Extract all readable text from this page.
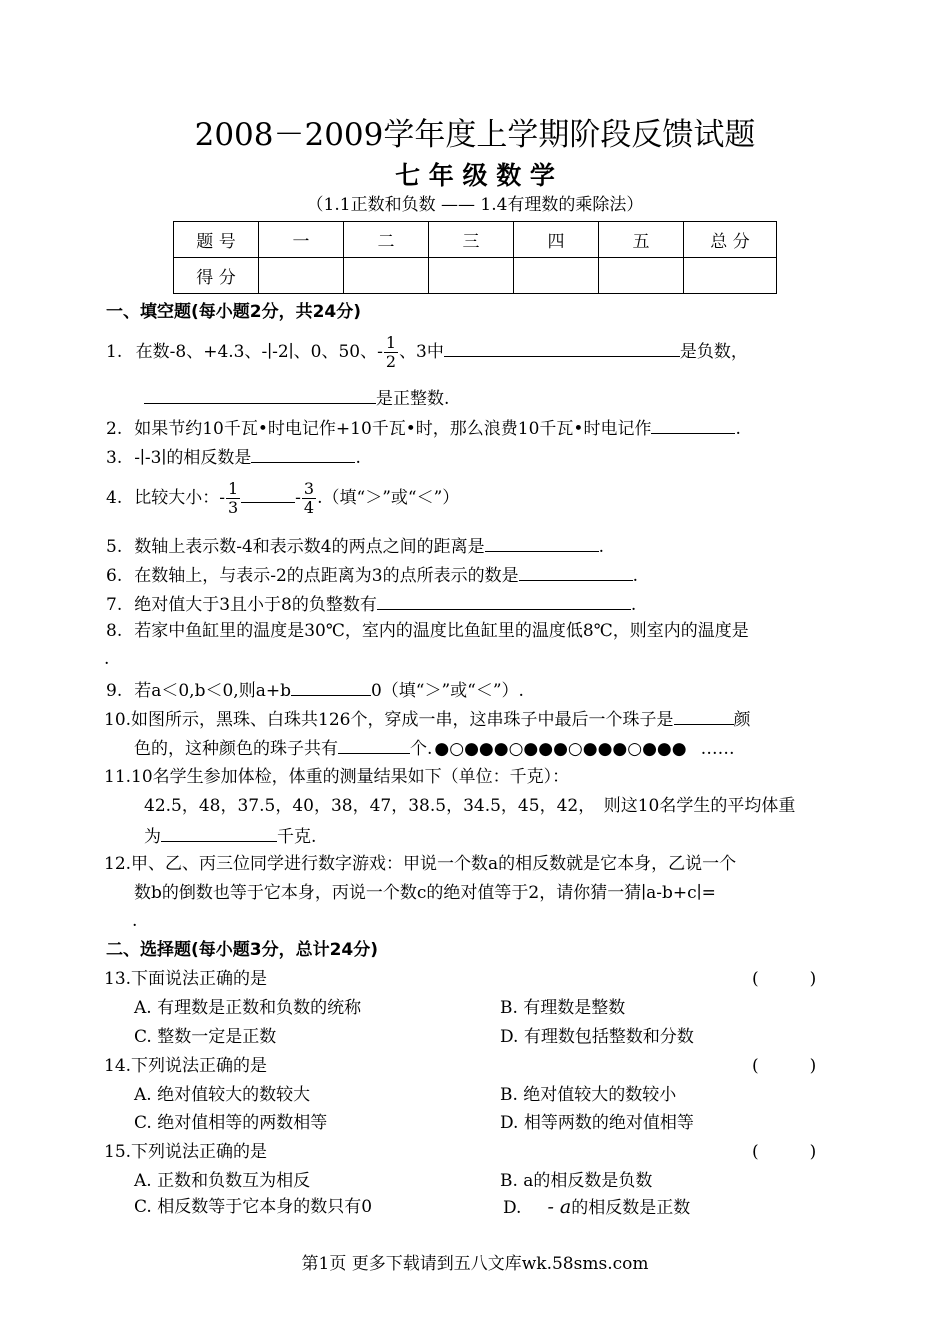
2008－2009学年度上学期阶段反馈试题
七 年 级 数 学
（1.1正数和负数 —— 1.4有理数的乘除法）
题 号	一	二	三	四	五	总 分
得 分						
一、填空题(每小题2分，共24分)
1. 在数-8、+4.3、-∣-2∣、0、50、- $\frac{1}{2}$ 、3中	是负数，
是正整数.
2. 如果节约10千瓦•时电记作+10千瓦•时，那么浪费10千瓦•时电记作	.
3. -∣-3∣的相反数是	.
4. 比较大小：- $\frac{1}{3}$	- $\frac{3}{4}$ .（填“＞”或“＜”）
5. 数轴上表示数-4和表示数4的两点之间的距离是	.
6. 在数轴上，与表示-2的点距离为3的点所表示的数是	.
7. 绝对值大于3且小于8的负整数有	.
8. 若家中鱼缸里的温度是30℃，室内的温度比鱼缸里的温度低8℃，则室内的温度是
.
9. 若a＜0,b＜0,则a+b	0（填“＞”或“＜”）.
10.如图所示，黑珠、白珠共126个，穿成一串，这串珠子中最后一个珠子是	颜
色的，这种颜色的珠子共有	个. ●○●●●○●●●○●●●○●●● ……
11.10名学生参加体检，体重的测量结果如下（单位：千克）：
42.5，48，37.5，40，38，47，38.5，34.5，45，42，　则这10名学生的平均体重
为	千克.
12.甲、乙、丙三位同学进行数字游戏：甲说一个数a的相反数就是它本身，乙说一个
数b的倒数也等于它本身，丙说一个数c的绝对值等于2，请你猜一猜∣a-b+c∣=
.
二、选择题(每小题3分，总计24分)
13.下面说法正确的是	(　　　)
A. 有理数是正数和负数的统称	B. 有理数是整数
C. 整数一定是正数	D. 有理数包括整数和分数
14.下列说法正确的是	(　　　)
A. 绝对值较大的数较大	B. 绝对值较大的数较小
C. 绝对值相等的两数相等	D. 相等两数的绝对值相等
15.下列说法正确的是	(　　　)
A. 正数和负数互为相反	B. a的相反数是负数
C. 相反数等于它本身的数只有0	D. - a的相反数是正数
第1页 更多下载请到五八文库wk.58sms.com
